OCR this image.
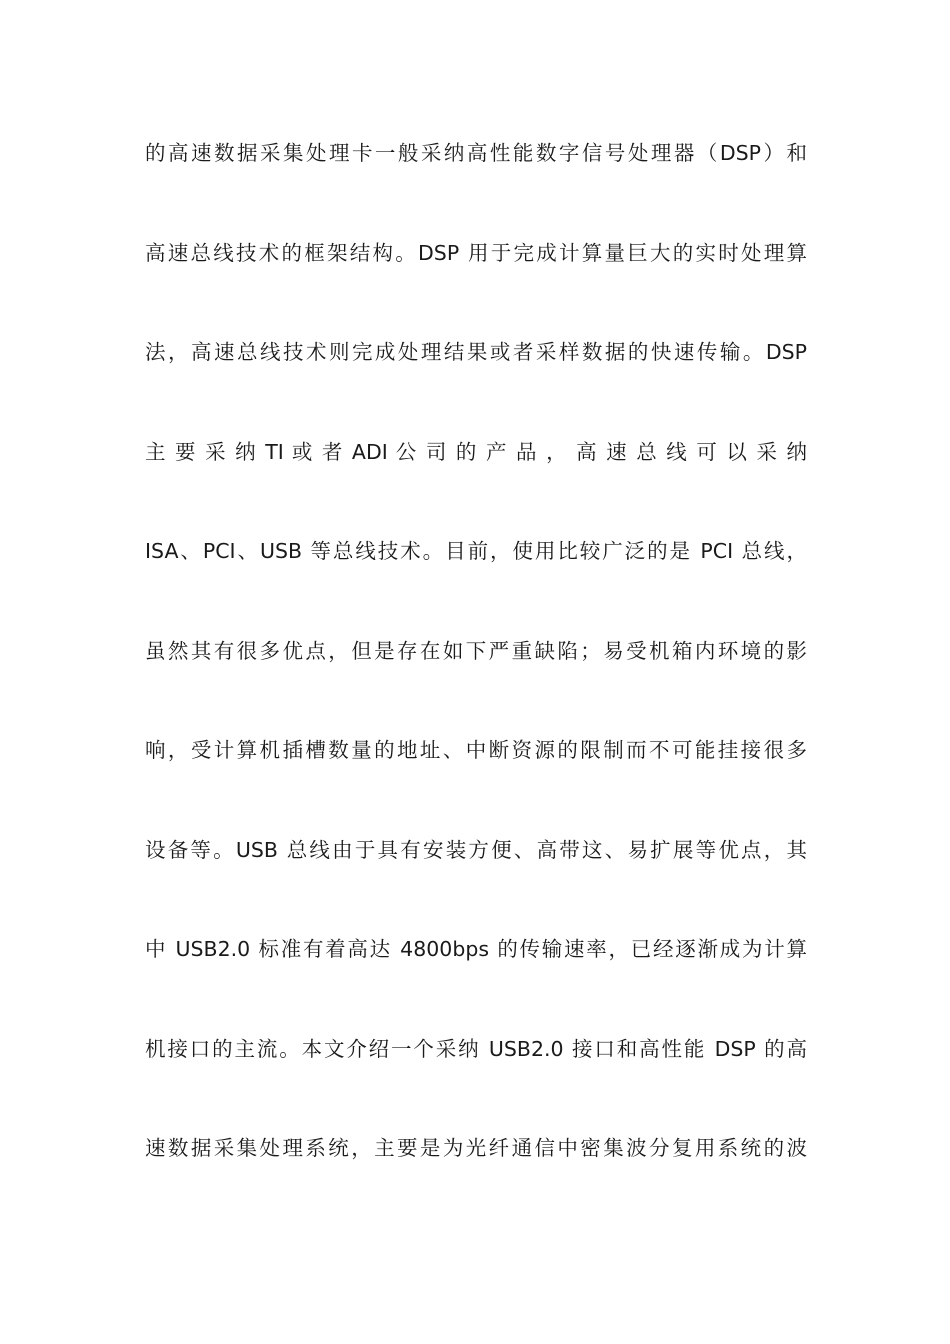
的高速数据采集处理卡一般采纳高性能数字信号处理器（DSP）和
高速总线技术的框架结构。DSP 用于完成计算量巨大的实时处理算
法，高速总线技术则完成处理结果或者采样数据的快速传输。DSP
主 要 采 纳 TI 或 者 ADI 公 司 的 产 品 ， 高 速 总 线 可 以 采 纳
ISA、PCI、USB 等总线技术。目前，使用比较广泛的是 PCI 总线，
虽然其有很多优点，但是存在如下严重缺陷；易受机箱内环境的影
响，受计算机插槽数量的地址、中断资源的限制而不可能挂接很多
设备等。USB 总线由于具有安装方便、高带这、易扩展等优点，其
中 USB2.0 标准有着高达 4800bps 的传输速率，已经逐渐成为计算
机接口的主流。本文介绍一个采纳 USB2.0 接口和高性能 DSP 的高
速数据采集处理系统，主要是为光纤通信中密集波分复用系统的波
